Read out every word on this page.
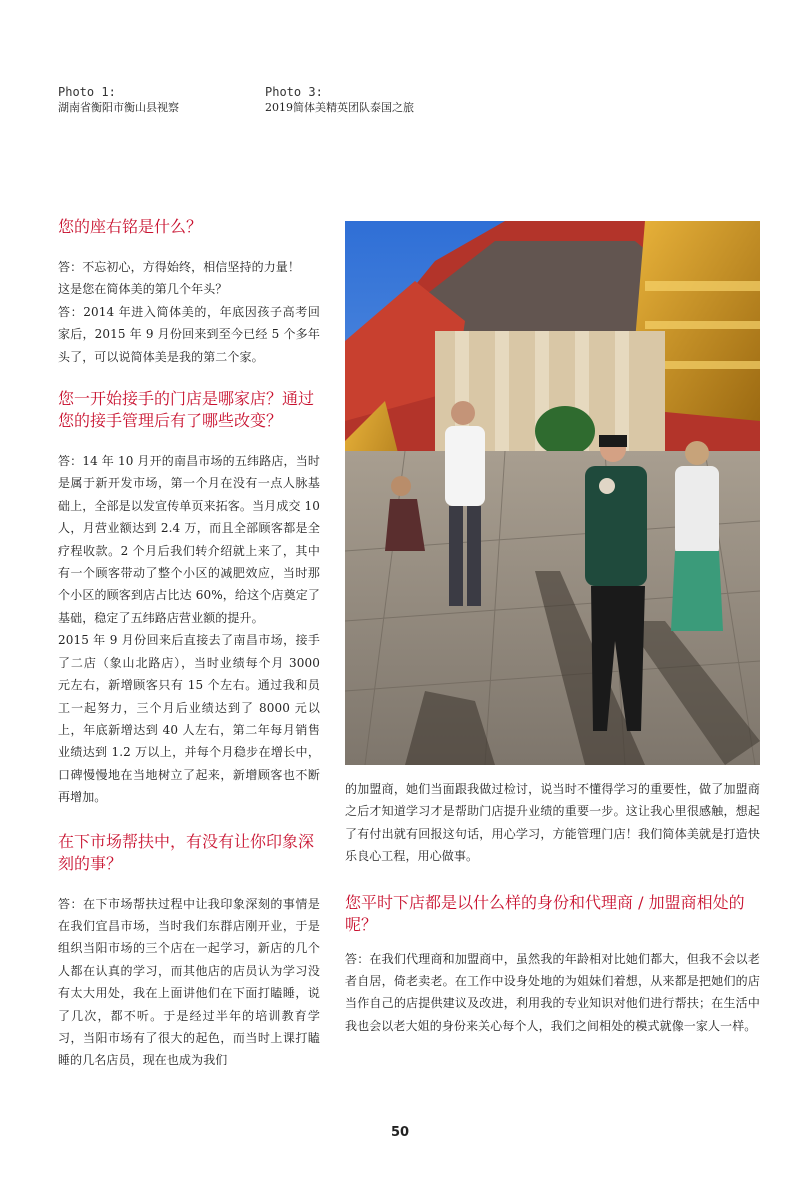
Photo 1:
湖南省衡阳市衡山县视察
Photo 3:
2019简体美精英团队泰国之旅
您的座右铭是什么？

答：不忘初心，方得始终，相信坚持的力量！

这是您在简体美的第几个年头？

答：2014 年进入简体美的，年底因孩子高考回家后，2015 年 9 月份回来到至今已经 5 个多年头了，可以说简体美是我的第二个家。

您一开始接手的门店是哪家店？通过您的接手管理后有了哪些改变？

答：14 年 10 月开的南昌市场的五纬路店，当时是属于新开发市场，第一个月在没有一点人脉基础上，全部是以发宣传单页来拓客。当月成交 10 人，月营业额达到 2.4 万，而且全部顾客都是全疗程收款。2 个月后我们转介绍就上来了，其中有一个顾客带动了整个小区的减肥效应，当时那个小区的顾客到店占比达 60%，给这个店奠定了基础，稳定了五纬路店营业额的提升。

2015 年 9 月份回来后直接去了南昌市场，接手了二店（象山北路店），当时业绩每个月 3000 元左右，新增顾客只有 15 个左右。通过我和员工一起努力，三个月后业绩达到了 8000 元以上，年底新增达到 40 人左右，第二年每月销售业绩达到 1.2 万以上，并每个月稳步在增长中，口碑慢慢地在当地树立了起来，新增顾客也不断再增加。

在下市场帮扶中，有没有让你印象深刻的事？

答：在下市场帮扶过程中让我印象深刻的事情是在我们宜昌市场，当时我们东群店刚开业，于是组织当阳市场的三个店在一起学习，新店的几个人都在认真的学习，而其他店的店员认为学习没有太大用处，我在上面讲他们在下面打瞌睡，说了几次，都不听。于是经过半年的培训教育学习，当阳市场有了很大的起色，而当时上课打瞌睡的几名店员，现在也成为我们

的加盟商，她们当面跟我做过检讨，说当时不懂得学习的重要性，做了加盟商之后才知道学习才是帮助门店提升业绩的重要一步。这让我心里很感触，想起了有付出就有回报这句话，用心学习，方能管理门店！我们简体美就是打造快乐良心工程，用心做事。

您平时下店都是以什么样的身份和代理商 / 加盟商相处的呢？

答：在我们代理商和加盟商中，虽然我的年龄相对比她们都大，但我不会以老者自居，倚老卖老。在工作中设身处地的为姐妹们着想，从来都是把她们的店当作自己的店提供建议及改进，利用我的专业知识对他们进行帮扶；在生活中我也会以老大姐的身份来关心每个人，我们之间相处的模式就像一家人一样。

50
